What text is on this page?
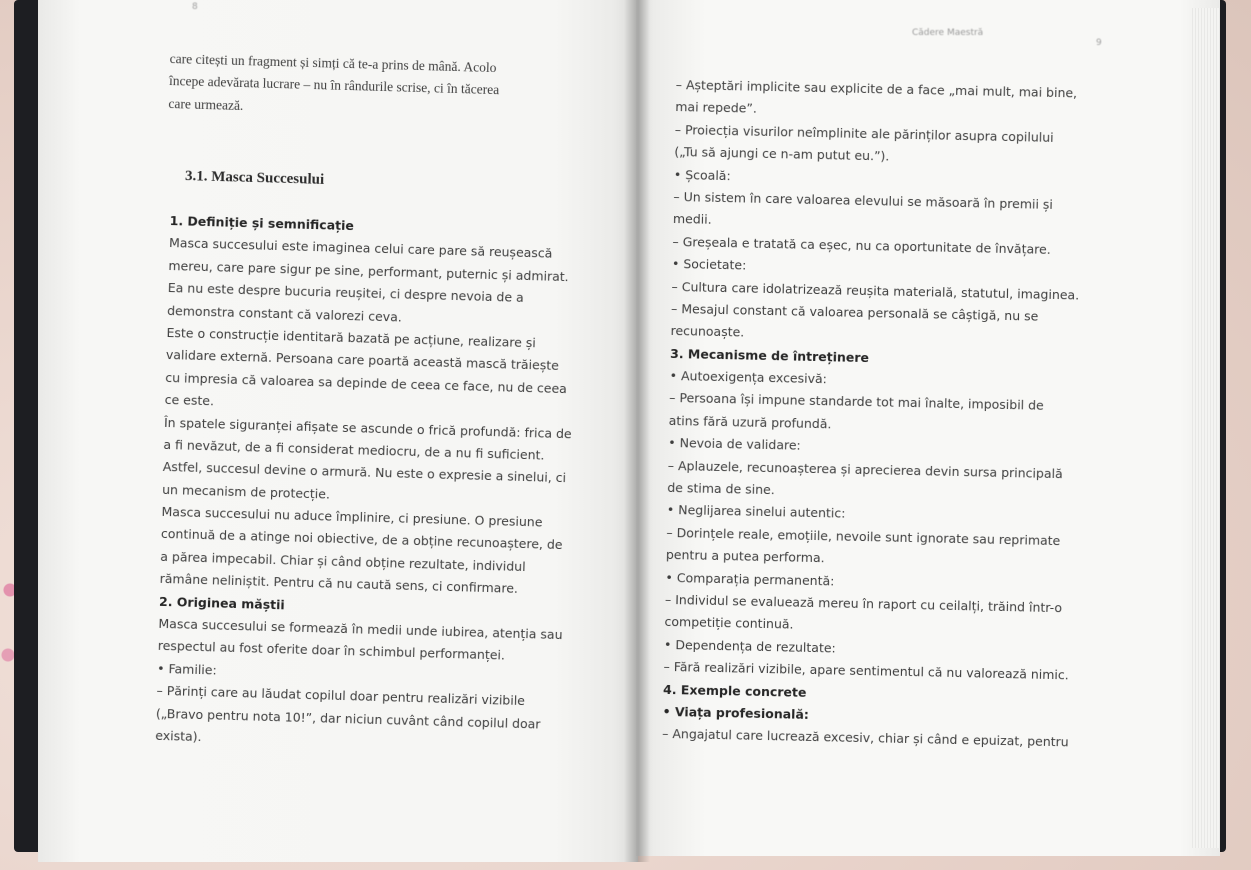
8
care citești un fragment și simți că te-a prins de mână. Acolo
începe adevărata lucrare – nu în rândurile scrise, ci în tăcerea
care urmează.
3.1. Masca Succesului
1. Definiție și semnificație
Masca succesului este imaginea celui care pare să reușească
mereu, care pare sigur pe sine, performant, puternic și admirat.
Ea nu este despre bucuria reușitei, ci despre nevoia de a
demonstra constant că valorezi ceva.
Este o construcție identitară bazată pe acțiune, realizare și
validare externă. Persoana care poartă această mască trăiește
cu impresia că valoarea sa depinde de ceea ce face, nu de ceea
ce este.
În spatele siguranței afișate se ascunde o frică profundă: frica de
a fi nevăzut, de a fi considerat mediocru, de a nu fi suficient.
Astfel, succesul devine o armură. Nu este o expresie a sinelui, ci
un mecanism de protecție.
Masca succesului nu aduce împlinire, ci presiune. O presiune
continuă de a atinge noi obiective, de a obține recunoaștere, de
a părea impecabil. Chiar și când obține rezultate, individul
rămâne neliniștit. Pentru că nu caută sens, ci confirmare.
2. Originea măștii
Masca succesului se formează în medii unde iubirea, atenția sau
respectul au fost oferite doar în schimbul performanței.
• Familie:
– Părinți care au lăudat copilul doar pentru realizări vizibile
(„Bravo pentru nota 10!”, dar niciun cuvânt când copilul doar
exista).
Cădere Maestră
9
– Așteptări implicite sau explicite de a face „mai mult, mai bine,
mai repede”.
– Proiecția visurilor neîmplinite ale părinților asupra copilului
(„Tu să ajungi ce n-am putut eu.”).
• Școală:
– Un sistem în care valoarea elevului se măsoară în premii și
medii.
– Greșeala e tratată ca eșec, nu ca oportunitate de învățare.
• Societate:
– Cultura care idolatrizează reușita materială, statutul, imaginea.
– Mesajul constant că valoarea personală se câștigă, nu se
recunoaște.
3. Mecanisme de întreținere
• Autoexigența excesivă:
– Persoana își impune standarde tot mai înalte, imposibil de
atins fără uzură profundă.
• Nevoia de validare:
– Aplauzele, recunoașterea și aprecierea devin sursa principală
de stima de sine.
• Neglijarea sinelui autentic:
– Dorințele reale, emoțiile, nevoile sunt ignorate sau reprimate
pentru a putea performa.
• Comparația permanentă:
– Individul se evaluează mereu în raport cu ceilalți, trăind într-o
competiție continuă.
• Dependența de rezultate:
– Fără realizări vizibile, apare sentimentul că nu valorează nimic.
4. Exemple concrete
• Viața profesională:
– Angajatul care lucrează excesiv, chiar și când e epuizat, pentru
